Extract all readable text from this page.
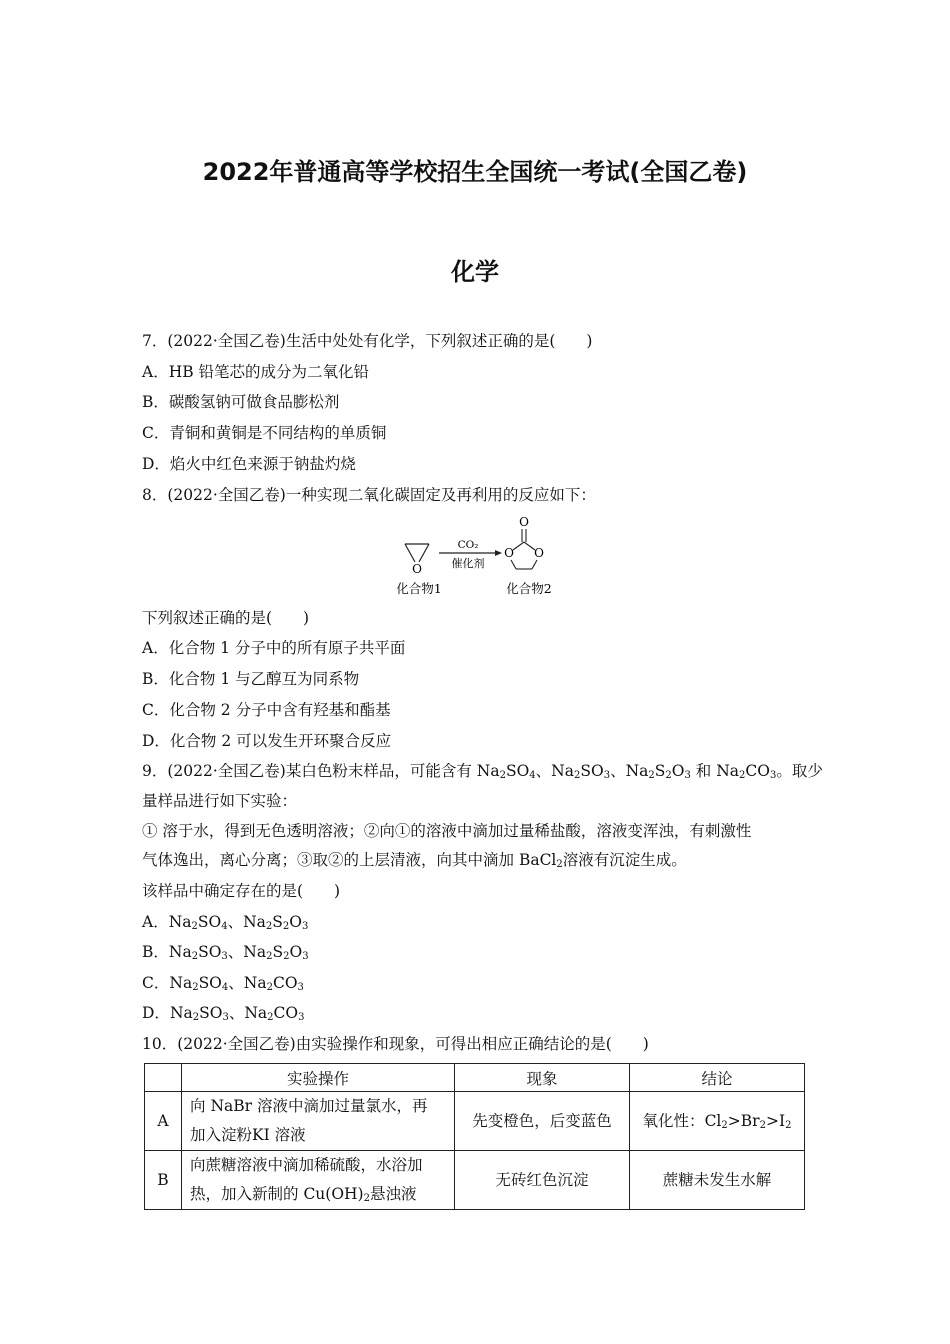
2022年普通高等学校招生全国统一考试(全国乙卷)
化学
7．(2022·全国乙卷)生活中处处有化学，下列叙述正确的是(　　)
A．HB 铅笔芯的成分为二氧化铅
B．碳酸氢钠可做食品膨松剂
C．青铜和黄铜是不同结构的单质铜
D．焰火中红色来源于钠盐灼烧
8．(2022·全国乙卷)一种实现二氧化碳固定及再利用的反应如下：
O
CO₂
催化剂
O
O O
化合物1	化合物2
下列叙述正确的是(　　)
A．化合物 1 分子中的所有原子共平面
B．化合物 1 与乙醇互为同系物
C．化合物 2 分子中含有羟基和酯基
D．化合物 2 可以发生开环聚合反应
9．(2022·全国乙卷)某白色粉末样品，可能含有 $Na_2SO_4$、$Na_2SO_3$、$Na_2S_2O_3$ 和 $Na_2CO_3$。取少
量样品进行如下实验：
① 溶于水，得到无色透明溶液；②向①的溶液中滴加过量稀盐酸，溶液变浑浊，有刺激性
气体逸出，离心分离；③取②的上层清液，向其中滴加 BaCl$_2$溶液有沉淀生成。
该样品中确定存在的是(　　)
A．$Na_2SO_4$、$Na_2S_2O_3$
B．$Na_2SO_3$、$Na_2S_2O_3$
C．$Na_2SO_4$、$Na_2CO_3$
D．$Na_2SO_3$、$Na_2CO_3$
10．(2022·全国乙卷)由实验操作和现象，可得出相应正确结论的是(　　)
	实验操作	现象	结论
A	向 NaBr 溶液中滴加过量氯水，再
加入淀粉KI 溶液	先变橙色，后变蓝色	氧化性：$Cl_2>Br_2>I_2$
B	向蔗糖溶液中滴加稀硫酸，水浴加
热，加入新制的 $Cu(OH)_2$悬浊液	无砖红色沉淀	蔗糖未发生水解
